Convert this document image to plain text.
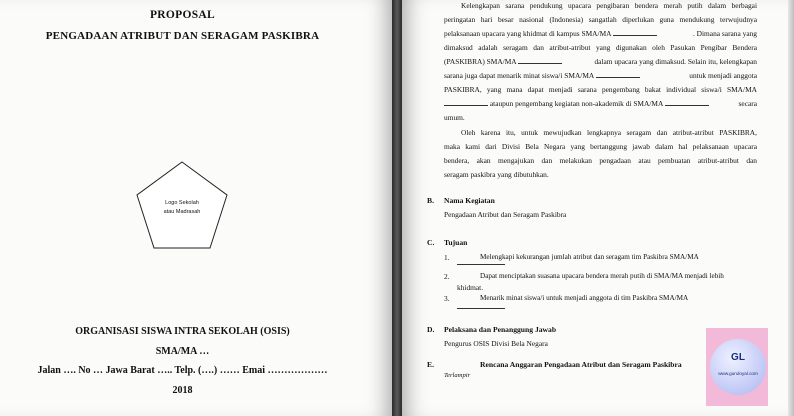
PROPOSAL
PENGADAAN ATRIBUT DAN SERAGAM PASKIBRA
Logo Sekolah
atau Madrasah
ORGANISASI SISWA INTRA SEKOLAH (OSIS)
SMA/MA …
Jalan …. No … Jawa Barat ….. Telp. (….) …… Emai ………………
2018
Kelengkapan sarana pendukung upacara pengibaran bendera merah putih dalam berbagai
peringatan hari besar nasional (Indonesia) sangatlah diperlukan guna mendukung terwujudnya
pelaksanaan upacara yang khidmat di kampus SMA/MA	. Dimana sarana yang
dimaksud adalah seragam dan atribut-atribut yang digunakan oleh Pasukan Pengibar Bendera
(PASKIBRA) SMA/MA	dalam upacara yang dimaksud. Selain itu, kelengkapan
sarana juga dapat menarik minat siswa/i SMA/MA	untuk menjadi anggota
PASKIBRA, yang mana dapat menjadi sarana pengembang bakat individual siswa/i SMA/MA
ataupun pengembang kegiatan non-akademik di SMA/MA	secara
umum.
Oleh karena itu, untuk mewujudkan lengkapnya seragam dan atribut-atribut PASKIBRA,
maka kami dari Divisi Bela Negara yang bertanggung jawab dalam hal pelaksanaan upacara
bendera, akan mengajukan dan melakukan pengadaan atau pembuatan atribut-atribut dan
seragam paskibra yang dibutuhkan.
B. Nama Kegiatan
Pengadaan Atribut dan Seragam Paskibra
C. Tujuan
1.	Melengkapi kekurangan jumlah atribut dan seragam tim Paskibra SMA/MA
2.	Dapat menciptakan suasana upacara bendera merah putih di SMA/MA menjadi lebih
khidmat.
3.	Menarik minat siswa/i untuk menjadi anggota di tim Paskibra SMA/MA
D. Pelaksana dan Penanggung Jawab
Pengurus OSIS Divisi Bela Negara
E.	Rencana Anggaran Pengadaan Atribut dan Seragam Paskibra
Terlampir
GL
www.guruloyal.com
